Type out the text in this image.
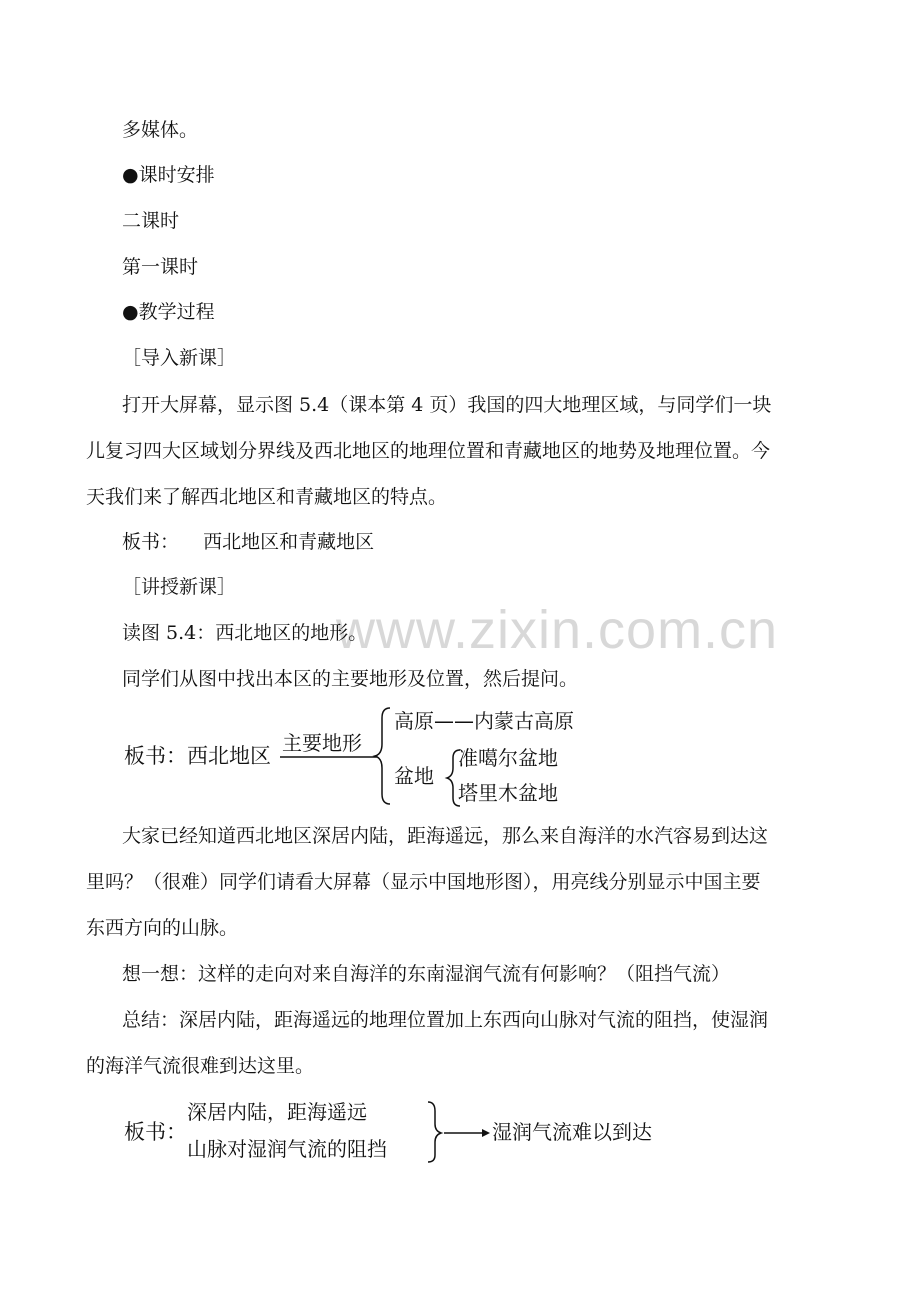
www.zixin.com.cn
多媒体。
●课时安排
二课时
第一课时
●教学过程
［导入新课］
打开大屏幕，显示图 5.4（课本第 4 页）我国的四大地理区域，与同学们一块
儿复习四大区域划分界线及西北地区的地理位置和青藏地区的地势及地理位置。今
天我们来了解西北地区和青藏地区的特点。
板书：    西北地区和青藏地区
［讲授新课］
读图 5.4：西北地区的地形。
同学们从图中找出本区的主要地形及位置，然后提问。
板书：西北地区
主要地形
高原——内蒙古高原
盆地
准噶尔盆地
塔里木盆地
大家已经知道西北地区深居内陆，距海遥远，那么来自海洋的水汽容易到达这
里吗？（很难）同学们请看大屏幕（显示中国地形图），用亮线分别显示中国主要
东西方向的山脉。
想一想：这样的走向对来自海洋的东南湿润气流有何影响？（阻挡气流）
总结：深居内陆，距海遥远的地理位置加上东西向山脉对气流的阻挡，使湿润
的海洋气流很难到达这里。
板书：
深居内陆，距海遥远
山脉对湿润气流的阻挡
湿润气流难以到达
